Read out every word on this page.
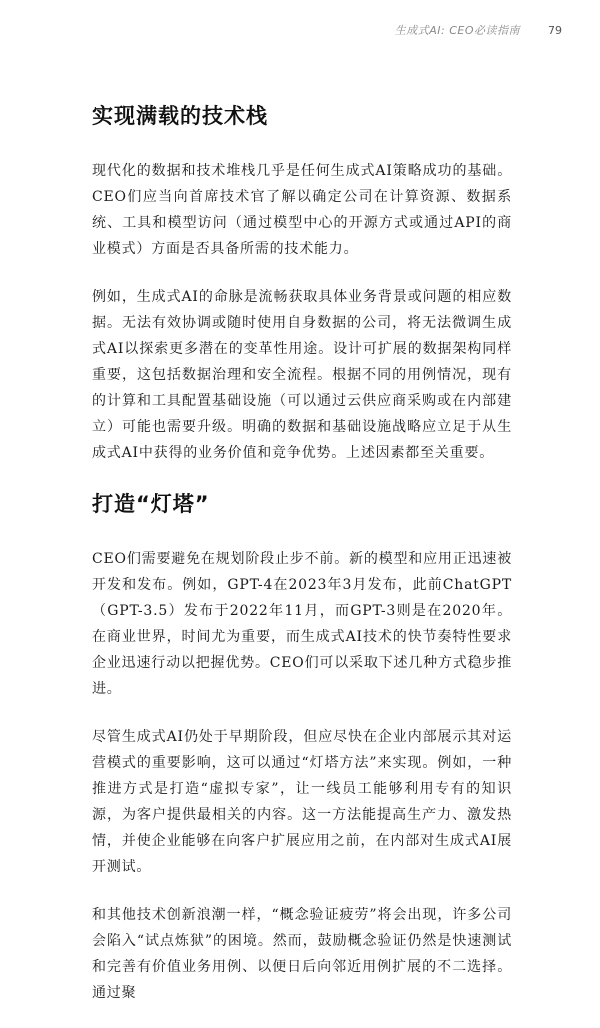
生成式AI: CEO必读指南	79
实现满载的技术栈

现代化的数据和技术堆栈几乎是任何生成式AI策略成功的基础。CEO们应当向首席技术官了解以确定公司在计算资源、数据系统、工具和模型访问（通过模型中心的开源方式或通过API的商业模式）方面是否具备所需的技术能力。

例如，生成式AI的命脉是流畅获取具体业务背景或问题的相应数据。无法有效协调或随时使用自身数据的公司，将无法微调生成式AI以探索更多潜在的变革性用途。设计可扩展的数据架构同样重要，这包括数据治理和安全流程。根据不同的用例情况，现有的计算和工具配置基础设施（可以通过云供应商采购或在内部建立）可能也需要升级。明确的数据和基础设施战略应立足于从生成式AI中获得的业务价值和竞争优势。上述因素都至关重要。

打造“灯塔”

CEO们需要避免在规划阶段止步不前。新的模型和应用正迅速被开发和发布。例如，GPT-4在2023年3月发布，此前ChatGPT（GPT-3.5）发布于2022年11月，而GPT-3则是在2020年。在商业世界，时间尤为重要，而生成式AI技术的快节奏特性要求企业迅速行动以把握优势。CEO们可以采取下述几种方式稳步推进。

尽管生成式AI仍处于早期阶段，但应尽快在企业内部展示其对运营模式的重要影响，这可以通过“灯塔方法”来实现。例如，一种推进方式是打造“虚拟专家”，让一线员工能够利用专有的知识源，为客户提供最相关的内容。这一方法能提高生产力、激发热情，并使企业能够在向客户扩展应用之前，在内部对生成式AI展开测试。

和其他技术创新浪潮一样，“概念验证疲劳”将会出现，许多公司会陷入“试点炼狱”的困境。然而，鼓励概念验证仍然是快速测试和完善有价值业务用例、以便日后向邻近用例扩展的不二选择。通过聚
